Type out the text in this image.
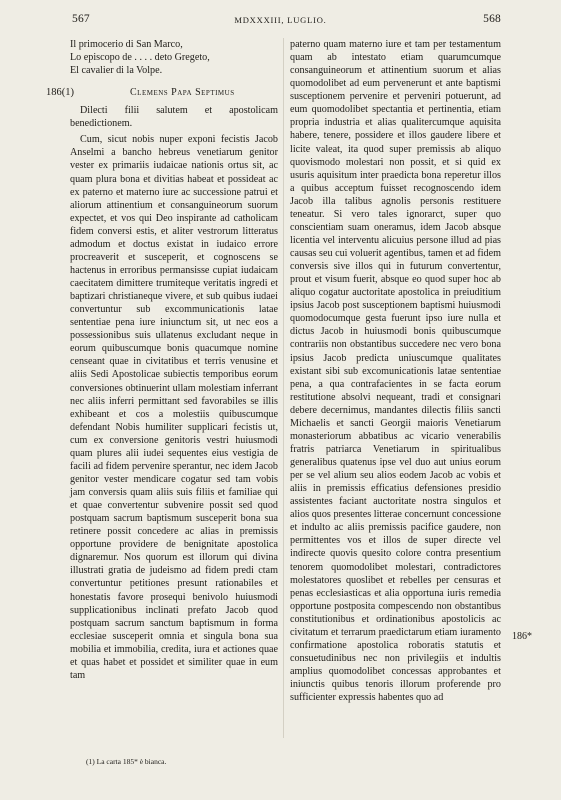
567	MDXXXIII, LUGLIO.	568

Il primocerio di San Marco,

Lo episcopo de . . . . deto Gregeto,

El cavalier di la Volpe.

186(1)	Clemens Papa Septimus

Dilecti filii salutem et apostolicam benedictionem.

Cum, sicut nobis nuper exponi fecistis Jacob Anselmi a bancho hebreus venetiarum genitor vester ex primariis iudaicae nationis ortus sit, ac quam plura bona et divitias habeat et possideat ac ex paterno et materno iure ac successione patrui et aliorum attinentium et consanguineorum suorum expectet, et vos qui Deo inspirante ad catholicam fidem conversi estis, et aliter vestrorum litteratus admodum et doctus existat in iudaico errore procreaverit et susceperit, et cognoscens se hactenus in erroribus permansisse cupiat iudaicam caecitatem dimittere trumiteque veritatis ingredi et baptizari christianeque vivere, et sub quibus iudaei convertuntur sub excommunicationis latae sententiae pena iure iniunctum sit, ut nec eos a possessionibus suis ullatenus excludant neque in eorum quibuscumque bonis quacumque nomine censeant quae in civitatibus et terris venusine et aliis Sedi Apostolicae subiectis temporibus eorum conversiones obtinuerint ullam molestiam inferrant nec aliis inferri permittant sed favorabiles se illis exhibeant et cos a molestiis quibuscumque defendant Nobis humiliter supplicari fecistis ut, cum ex conversione genitoris vestri huiusmodi quam plures alii iudei sequentes eius vestigia de facili ad fidem pervenire sperantur, nec idem Jacob genitor vester mendicare cogatur sed tam vobis jam conversis quam aliis suis filiis et familiae qui et quae convertentur subvenire possit sed quod postquam sacrum baptismum susceperit bona sua retinere possit concedere ac alias in premissis opportune providere de benignitate apostolica dignaremur. Nos quorum est illorum qui divina illustrati gratia de judeismo ad fidem predi ctam convertuntur petitiones presunt rationabiles et honestatis favore prosequi benivolo huiusmodi supplicationibus inclinati prefato Jacob quod postquam sacrum sanctum baptismum in forma ecclesiae susceperit omnia et singula bona sua mobilia et immobilia, credita, iura et actiones quae et quas habet et possidet et similiter quae in eum tam

paterno quam materno iure et tam per testamentum quam ab intestato etiam quarumcumque consanguineorum et attinentium suorum et alias quomodolibet ad eum pervenerunt et ante baptismi susceptionem pervenire et perveniri potuerunt, ad eum quomodolibet spectantia et pertinentia, etiam propria industria et alias qualitercumque aquisita habere, tenere, possidere et illos gaudere libere et licite valeat, ita quod super premissis ab aliquo quovismodo molestari non possit, et si quid ex usuris aquisitum inter praedicta bona reperetur illos a quibus acceptum fuisset recognoscendo idem Jacob illa talibus agnolis personis restituere teneatur. Si vero tales ignorarct, super quo conscientiam suam oneramus, idem Jacob absque licentia vel interventu alicuius persone illud ad pias causas seu cui voluerit agentibus, tamen et ad fidem conversis sive illos qui in futurum convertentur, prout et visum fuerit, absque eo quod super hoc ab aliquo cogatur auctoritate apostolica in preiuditium ipsius Jacob post susceptionem baptismi huiusmodi quomodocumque gesta fuerunt ipso iure nulla et dictus Jacob in huiusmodi bonis quibuscumque contrariis non obstantibus succedere nec vero bona ipsius Jacob predicta uniuscumque qualitates existant sibi sub excomunicationis latae sententiae pena, a qua contrafacientes in se facta eorum restitutione absolvi nequeant, tradi et consignari debere decernimus, mandantes dilectis filiis sancti Michaelis et sancti Georgii maioris Venetiarum monasteriorum abbatibus ac vicario venerabilis fratris patriarca Venetiarum in spiritualibus generalibus quatenus ipse vel duo aut unius eorum per se vel alium seu alios eodem Jacob ac vobis et aliis in premissis efficatius defensiones presidio assistentes faciant auctoritate nostra singulos et alios quos presentes litterae concernunt concessione et indulto ac aliis premissis pacifice gaudere, non permittentes vos et illos de super directe vel indirecte quovis quesito colore contra presentium tenorem quomodolibet molestari, contradictores molestatores quoslibet et rebelles per censuras et penas ecclesiasticas et alia opportuna iuris remedia opportune postposita compescendo non obstantibus constitutionibus et ordinationibus apostolicis ac civitatum et terrarum praedictarum etiam iuramento confirmatione apostolica roboratis statutis et consuetudinibus nec non privilegiis et indultis amplius quomodolibet concessas approbantes et iniunctis quibus tenoris illorum proferende pro sufficienter expressis habentes quo ad

186*
(1) La carta 185* è bianca.
